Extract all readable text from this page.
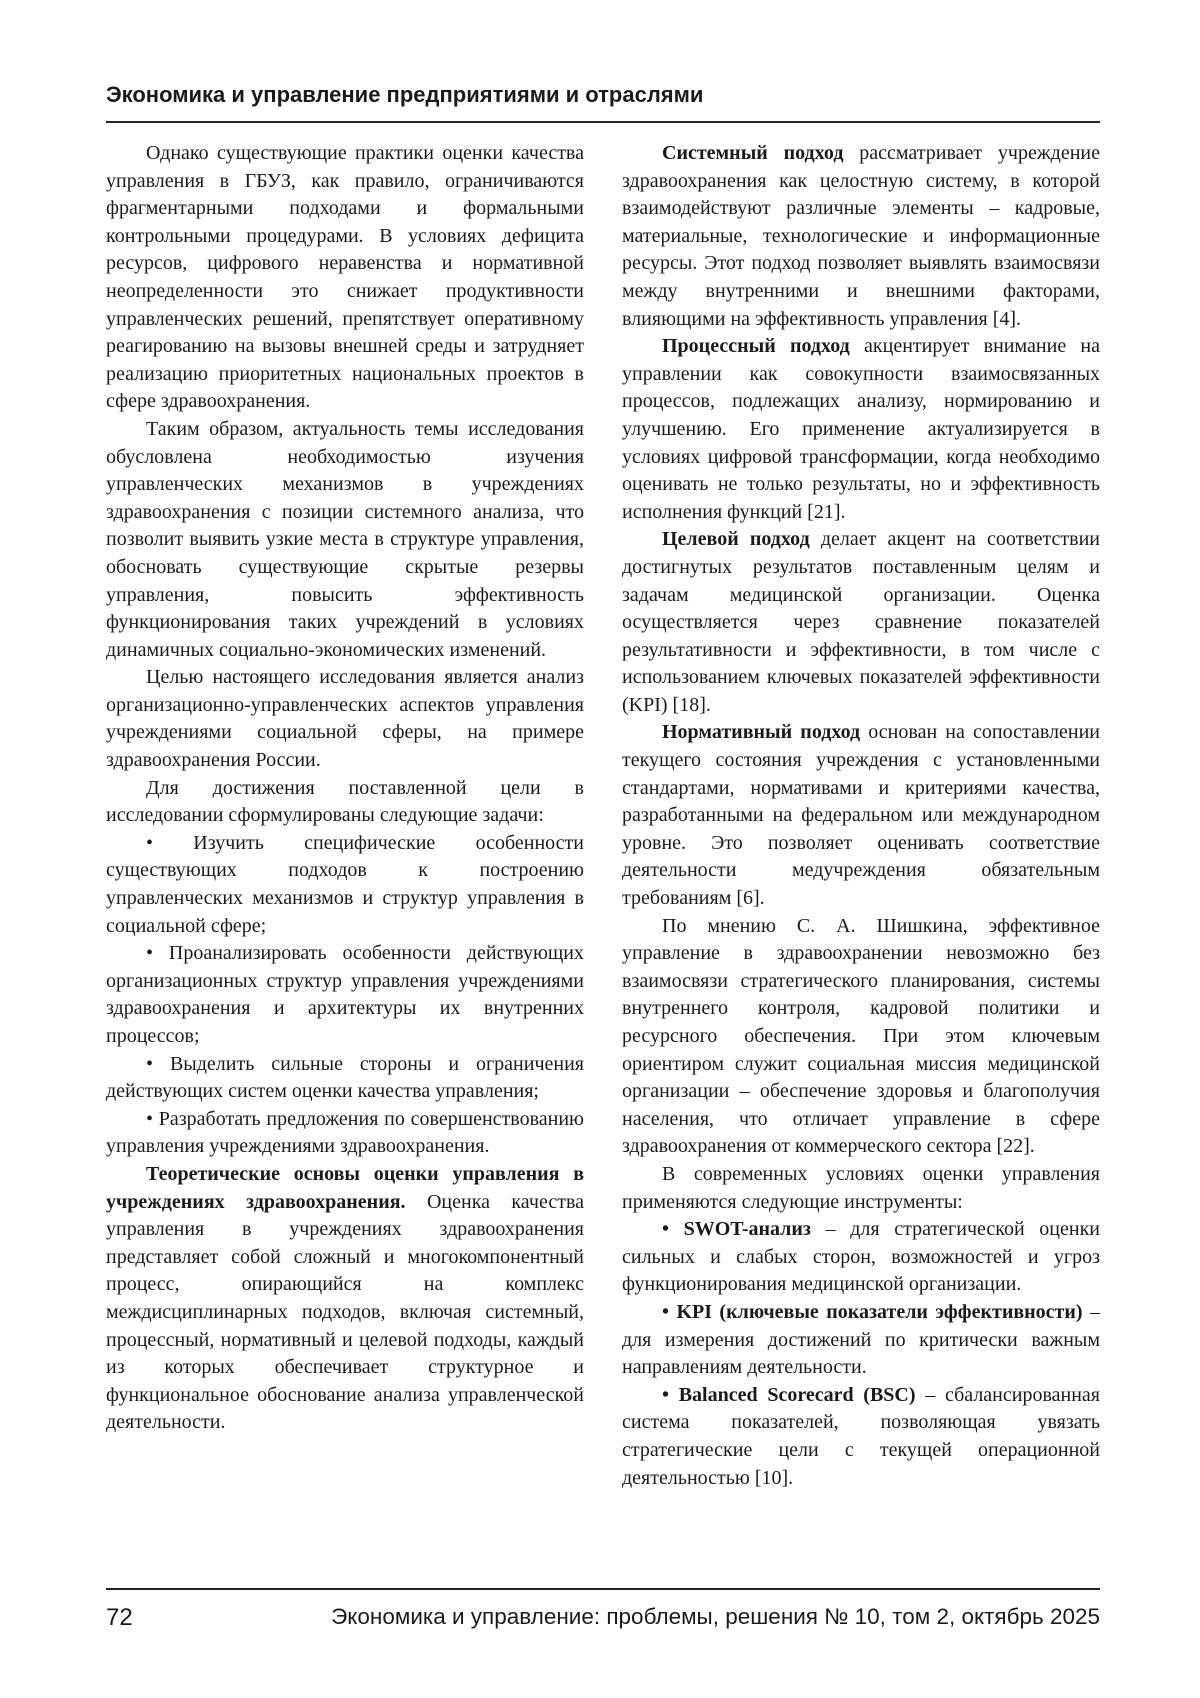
Экономика и управление предприятиями и отраслями

Однако существующие практики оценки качества управления в ГБУЗ, как правило, ограничиваются фрагментарными подходами и формальными контрольными процедурами. В условиях дефицита ресурсов, цифрового неравенства и нормативной неопределенности это снижает продуктивности управленческих решений, препятствует оперативному реагированию на вызовы внешней среды и затрудняет реализацию приоритетных национальных проектов в сфере здравоохранения.

Таким образом, актуальность темы исследования обусловлена необходимостью изучения управленческих механизмов в учреждениях здравоохранения с позиции системного анализа, что позволит выявить узкие места в структуре управления, обосновать существующие скрытые резервы управления, повысить эффективность функционирования таких учреждений в условиях динамичных социально-экономических изменений.

Целью настоящего исследования является анализ организационно-управленческих аспектов управления учреждениями социальной сферы, на примере здравоохранения России.

Для достижения поставленной цели в исследовании сформулированы следующие задачи:

• Изучить специфические особенности существующих подходов к построению управленческих механизмов и структур управления в социальной сфере;

• Проанализировать особенности действующих организационных структур управления учреждениями здравоохранения и архитектуры их внутренних процессов;

• Выделить сильные стороны и ограничения действующих систем оценки качества управления;

• Разработать предложения по совершенствованию управления учреждениями здравоохранения.

Теоретические основы оценки управления в учреждениях здравоохранения. Оценка качества управления в учреждениях здравоохранения представляет собой сложный и многокомпонентный процесс, опирающийся на комплекс междисциплинарных подходов, включая системный, процессный, нормативный и целевой подходы, каждый из которых обеспечивает структурное и функциональное обоснование анализа управленческой деятельности.

Системный подход рассматривает учреждение здравоохранения как целостную систему, в которой взаимодействуют различные элементы – кадровые, материальные, технологические и информационные ресурсы. Этот подход позволяет выявлять взаимосвязи между внутренними и внешними факторами, влияющими на эффективность управления [4].

Процессный подход акцентирует внимание на управлении как совокупности взаимосвязанных процессов, подлежащих анализу, нормированию и улучшению. Его применение актуализируется в условиях цифровой трансформации, когда необходимо оценивать не только результаты, но и эффективность исполнения функций [21].

Целевой подход делает акцент на соответствии достигнутых результатов поставленным целям и задачам медицинской организации. Оценка осуществляется через сравнение показателей результативности и эффективности, в том числе с использованием ключевых показателей эффективности (KPI) [18].

Нормативный подход основан на сопоставлении текущего состояния учреждения с установленными стандартами, нормативами и критериями качества, разработанными на федеральном или международном уровне. Это позволяет оценивать соответствие деятельности медучреждения обязательным требованиям [6].

По мнению С. А. Шишкина, эффективное управление в здравоохранении невозможно без взаимосвязи стратегического планирования, системы внутреннего контроля, кадровой политики и ресурсного обеспечения. При этом ключевым ориентиром служит социальная миссия медицинской организации – обеспечение здоровья и благополучия населения, что отличает управление в сфере здравоохранения от коммерческого сектора [22].

В современных условиях оценки управления применяются следующие инструменты:

• SWOT-анализ – для стратегической оценки сильных и слабых сторон, возможностей и угроз функционирования медицинской организации.

• KPI (ключевые показатели эффективности) – для измерения достижений по критически важным направлениям деятельности.

• Balanced Scorecard (BSC) – сбалансированная система показателей, позволяющая увязать стратегические цели с текущей операционной деятельностью [10].

72	Экономика и управление: проблемы, решения № 10, том 2, октябрь 2025
